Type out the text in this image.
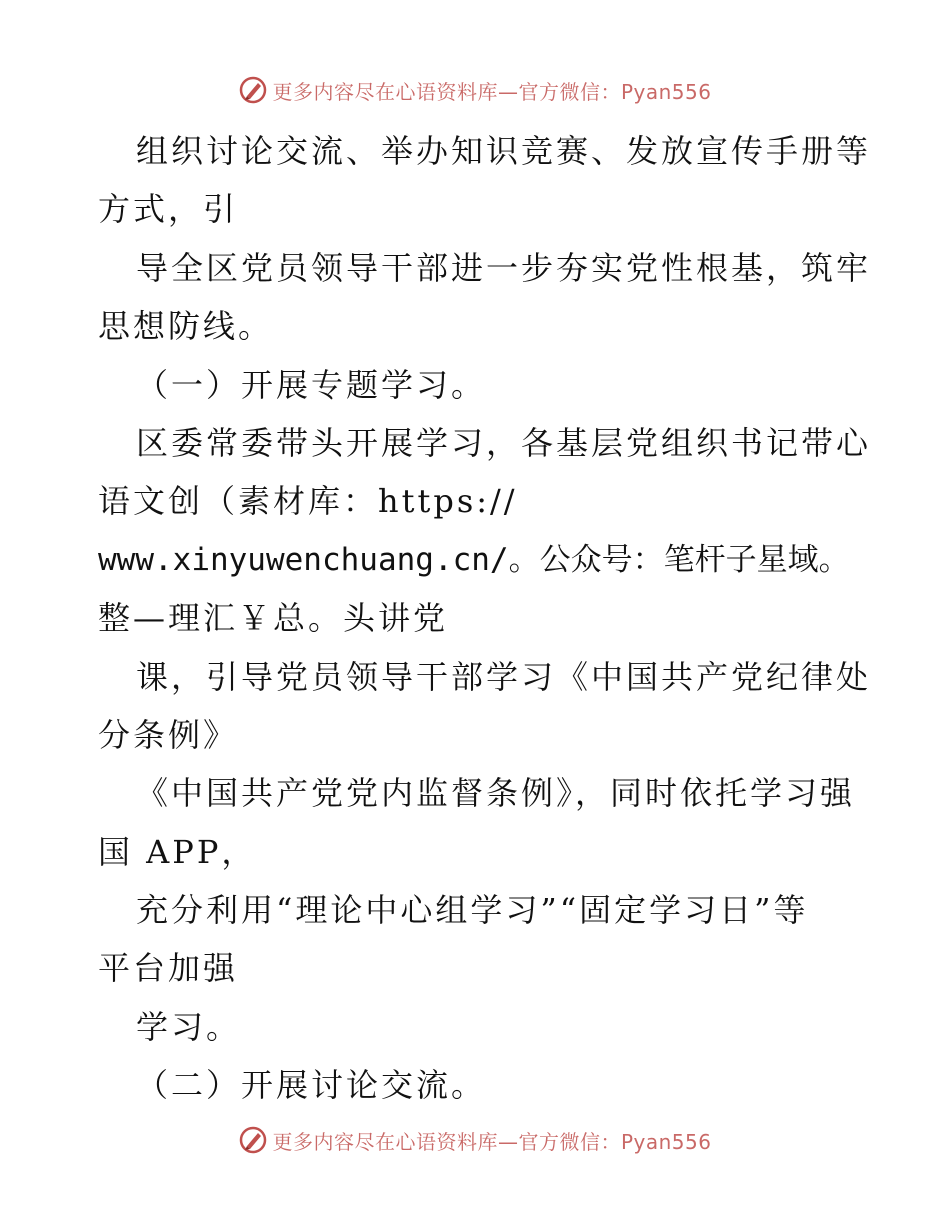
更多内容尽在心语资料库—官方微信：Pyan556
组织讨论交流、举办知识竞赛、发放宣传手册等
方式，引
导全区党员领导干部进一步夯实党性根基，筑牢
思想防线。
（一）开展专题学习。
区委常委带头开展学习，各基层党组织书记带心
语文创（素材库：https://
www.xinyuwenchuang.cn/。公众号：笔杆子星域。
整—理汇￥总。头讲党
课，引导党员领导干部学习《中国共产党纪律处
分条例》
《中国共产党党内监督条例》，同时依托学习强
国 APP，
充分利用“理论中心组学习”“固定学习日”等
平台加强
学习。
（二）开展讨论交流。
更多内容尽在心语资料库—官方微信：Pyan556
